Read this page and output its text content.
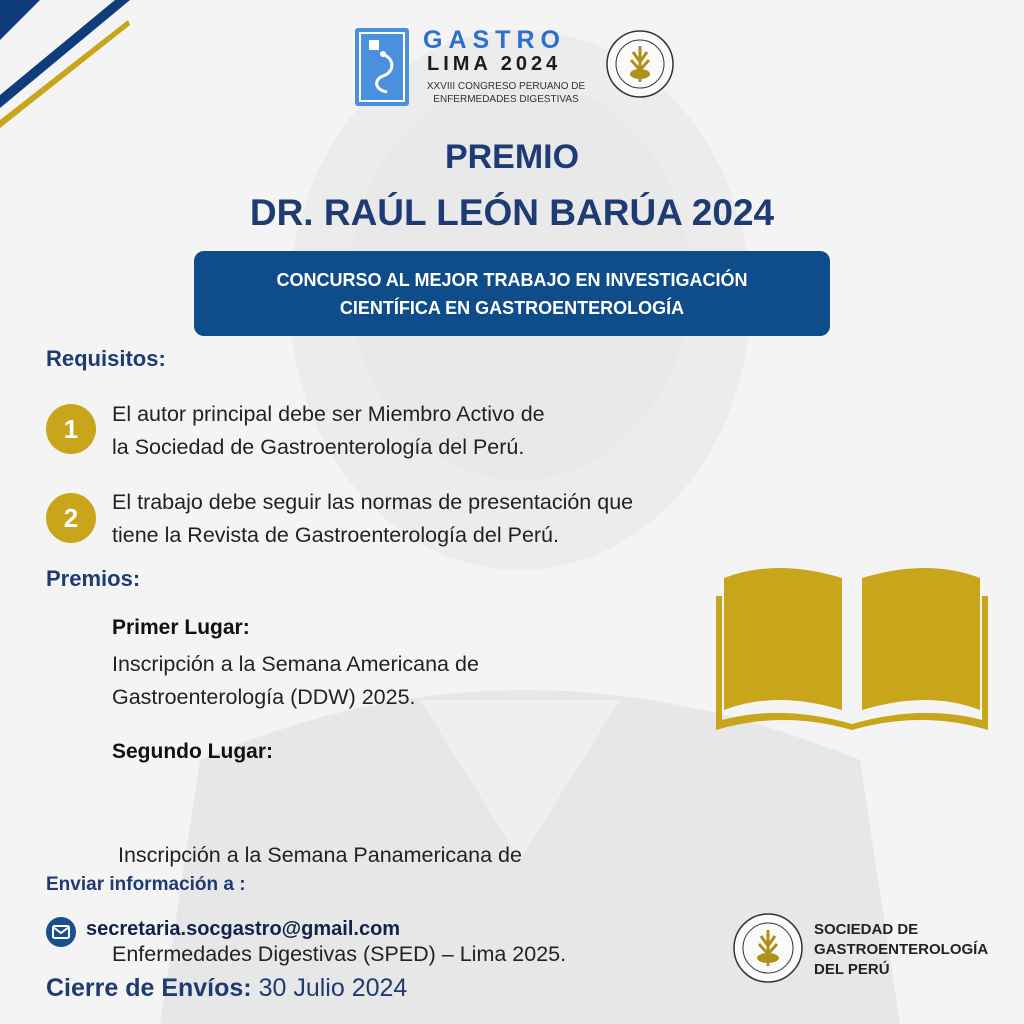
GASTRO
LIMA 2024
XXVIII CONGRESO PERUANO DE
ENFERMEDADES DIGESTIVAS
PREMIO
DR. RAÚL LEÓN BARÚA 2024
CONCURSO AL MEJOR TRABAJO EN INVESTIGACIÓN
CIENTÍFICA EN GASTROENTEROLOGÍA
Requisitos:
1	El autor principal debe ser Miembro Activo de
la Sociedad de Gastroenterología del Perú.
2
El trabajo debe seguir las normas de presentación que
tiene la Revista de Gastroenterología del Perú.
Premios:
Primer Lugar:
Inscripción a la Semana Americana de
Gastroenterología (DDW) 2025.
Segundo Lugar:

Inscripción a la Semana Panamericana de

Enfermedades Digestivas (SPED) – Lima 2025.

Enviar información a :
secretaria.socgastro@gmail.com
Cierre de Envíos: 30 Julio 2024
SOCIEDAD DE
GASTROENTEROLOGÍA
DEL PERÚ
